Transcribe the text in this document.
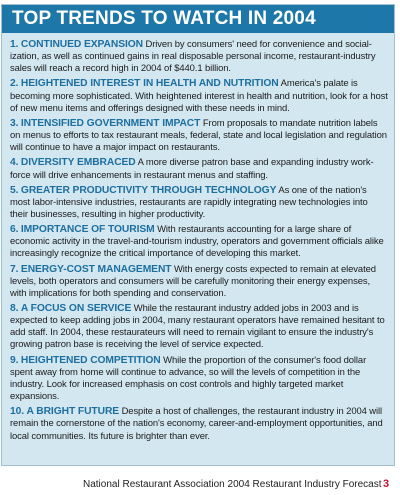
TOP TRENDS TO WATCH IN 2004

1. CONTINUED EXPANSION Driven by consumers' need for convenience and social-ization, as well as continued gains in real disposable personal income, restaurant-industry sales will reach a record high in 2004 of $440.1 billion.

2. HEIGHTENED INTEREST IN HEALTH AND NUTRITION America's palate is becoming more sophisticated. With heightened interest in health and nutrition, look for a host of new menu items and offerings designed with these needs in mind.

3. INTENSIFIED GOVERNMENT IMPACT From proposals to mandate nutrition labels on menus to efforts to tax restaurant meals, federal, state and local legislation and regulation will continue to have a major impact on restaurants.

4. DIVERSITY EMBRACED A more diverse patron base and expanding industry work-force will drive enhancements in restaurant menus and staffing.

5. GREATER PRODUCTIVITY THROUGH TECHNOLOGY As one of the nation's most labor-intensive industries, restaurants are rapidly integrating new technologies into their businesses, resulting in higher productivity.

6. IMPORTANCE OF TOURISM With restaurants accounting for a large share of economic activity in the travel-and-tourism industry, operators and government officials alike increasingly recognize the critical importance of developing this market.

7. ENERGY-COST MANAGEMENT With energy costs expected to remain at elevated levels, both operators and consumers will be carefully monitoring their energy expenses, with implications for both spending and conservation.

8. A FOCUS ON SERVICE While the restaurant industry added jobs in 2003 and is expected to keep adding jobs in 2004, many restaurant operators have remained hesitant to add staff. In 2004, these restaurateurs will need to remain vigilant to ensure the industry's growing patron base is receiving the level of service expected.

9. HEIGHTENED COMPETITION While the proportion of the consumer's food dollar spent away from home will continue to advance, so will the levels of competition in the industry. Look for increased emphasis on cost controls and highly targeted market expansions.

10. A BRIGHT FUTURE Despite a host of challenges, the restaurant industry in 2004 will remain the cornerstone of the nation's economy, career-and-employment opportunities, and local communities. Its future is brighter than ever.

National Restaurant Association 2004 Restaurant Industry Forecast 3
